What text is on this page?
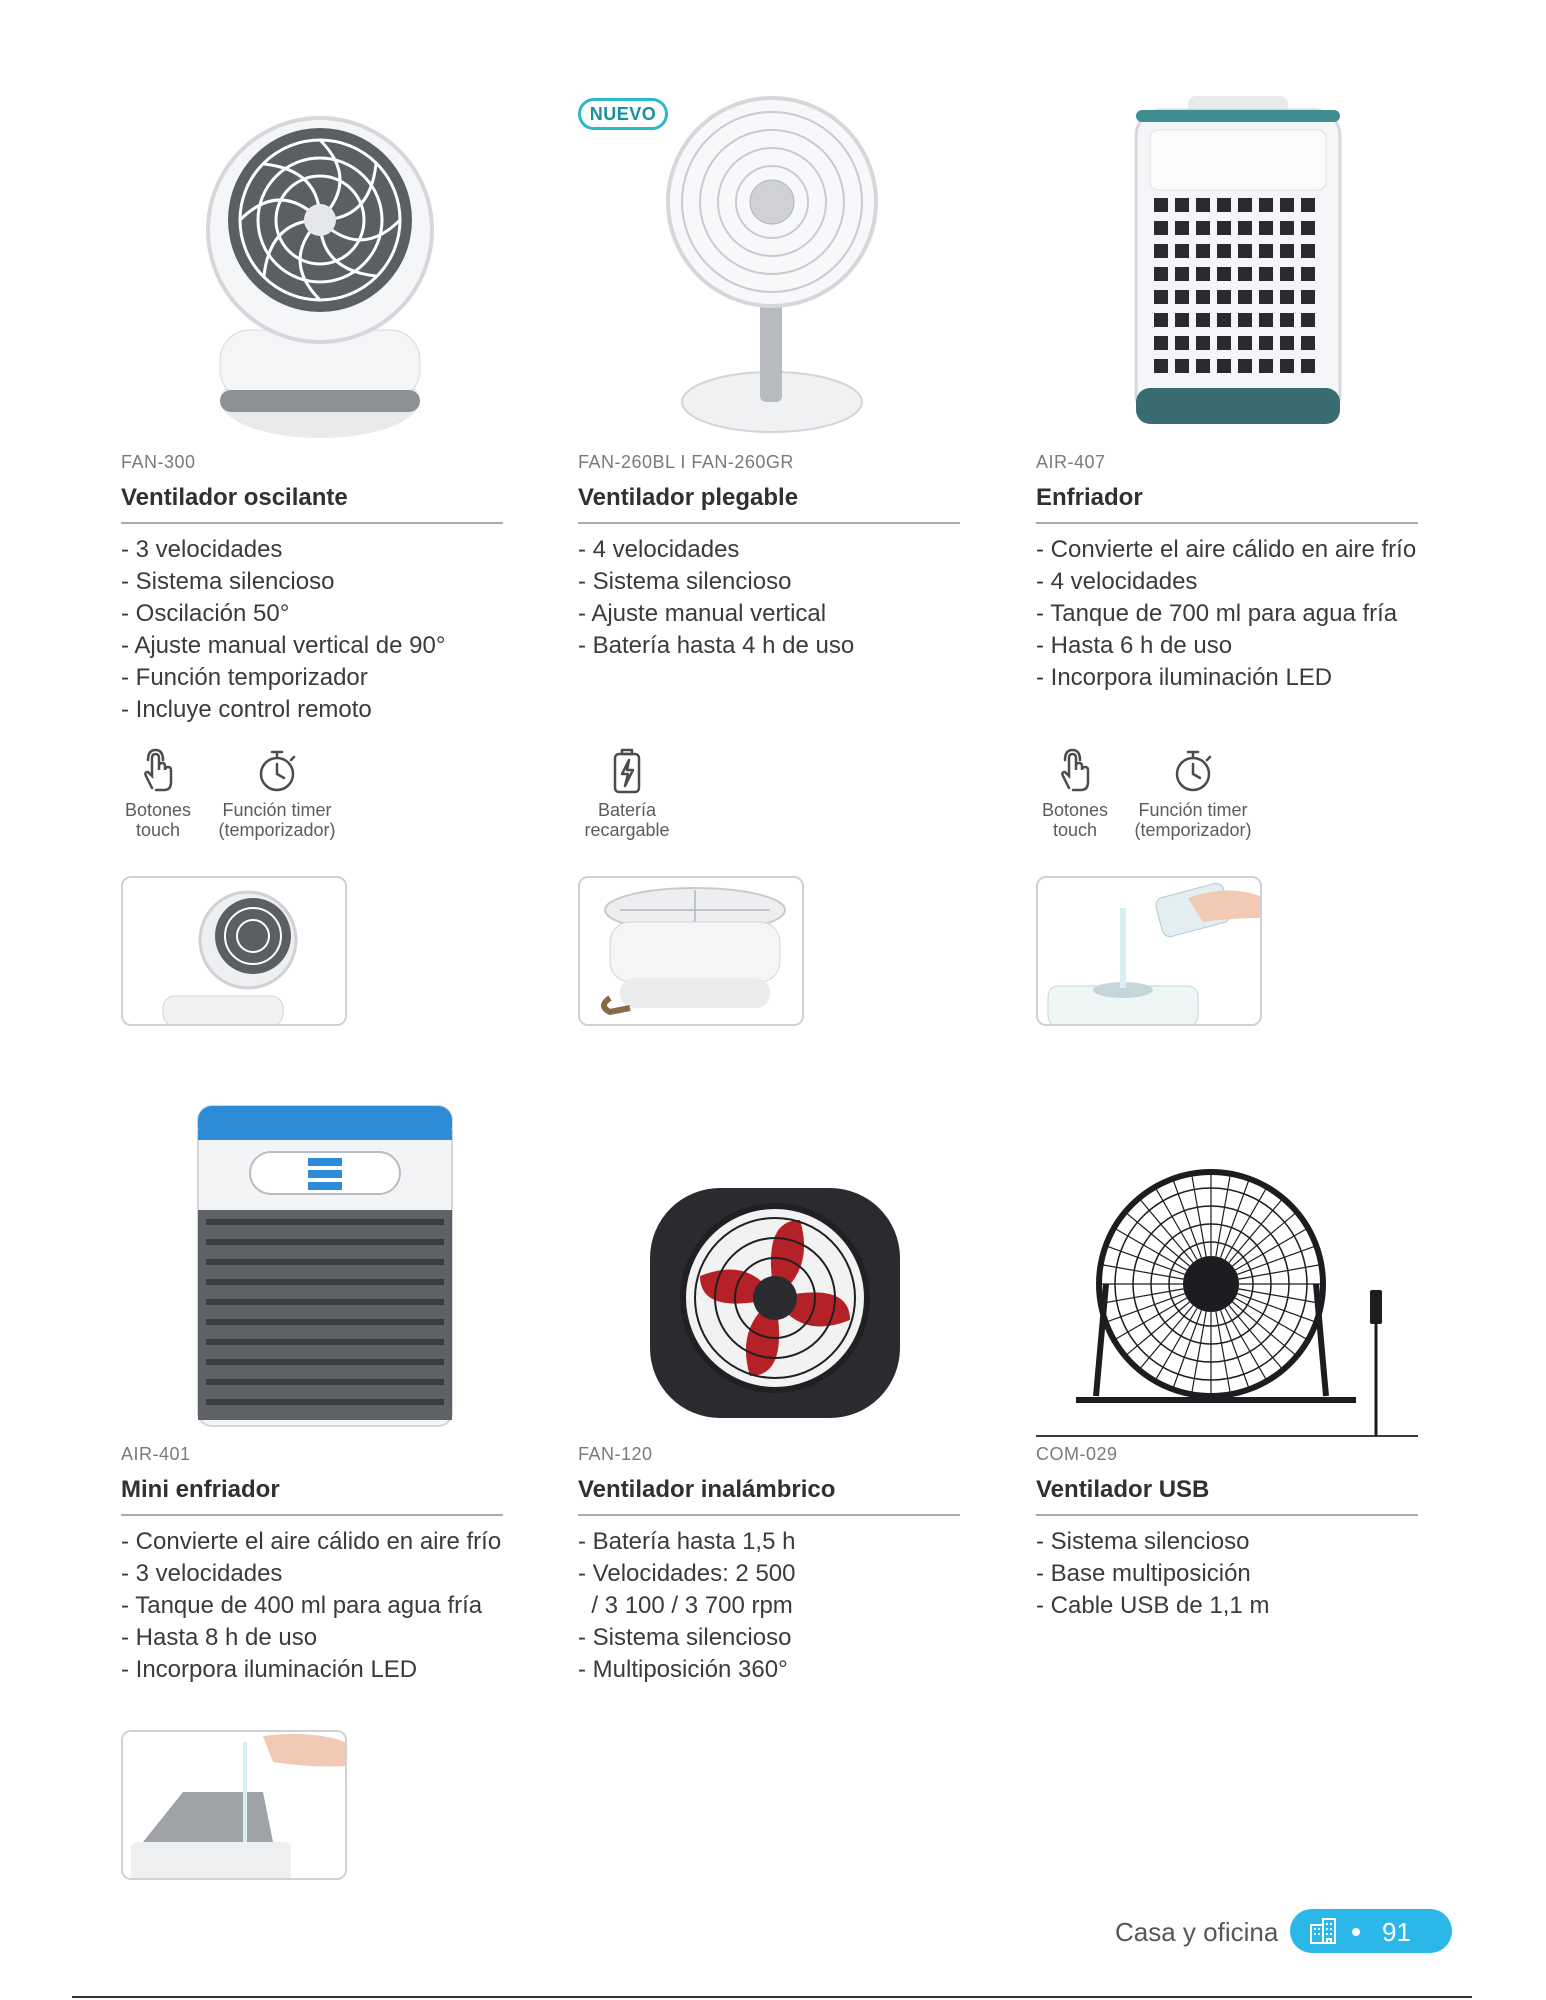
NUEVO
FAN-300
Ventilador oscilante
- 3 velocidades
- Sistema silencioso
- Oscilación 50°
- Ajuste manual vertical de 90°
- Función temporizador
- Incluye control remoto
Botones
touch
Función timer
(temporizador)
FAN-260BL I FAN-260GR
Ventilador plegable
- 4 velocidades
- Sistema silencioso
- Ajuste manual vertical
- Batería hasta 4 h de uso
Batería
recargable
AIR-407
Enfriador
- Convierte el aire cálido en aire frío
- 4 velocidades
- Tanque de 700 ml para agua fría
- Hasta 6 h de uso
- Incorpora iluminación LED
Botones
touch
Función timer
(temporizador)
AIR-401
Mini enfriador
- Convierte el aire cálido en aire frío
- 3 velocidades
- Tanque de 400 ml para agua fría
- Hasta 8 h de uso
- Incorpora iluminación LED
FAN-120
Ventilador inalámbrico
- Batería hasta 1,5 h
- Velocidades: 2 500
/ 3 100 / 3 700 rpm
- Sistema silencioso
- Multiposición 360°
COM-029
Ventilador USB
- Sistema silencioso
- Base multiposición
- Cable USB de 1,1 m
Casa y oficina	91
